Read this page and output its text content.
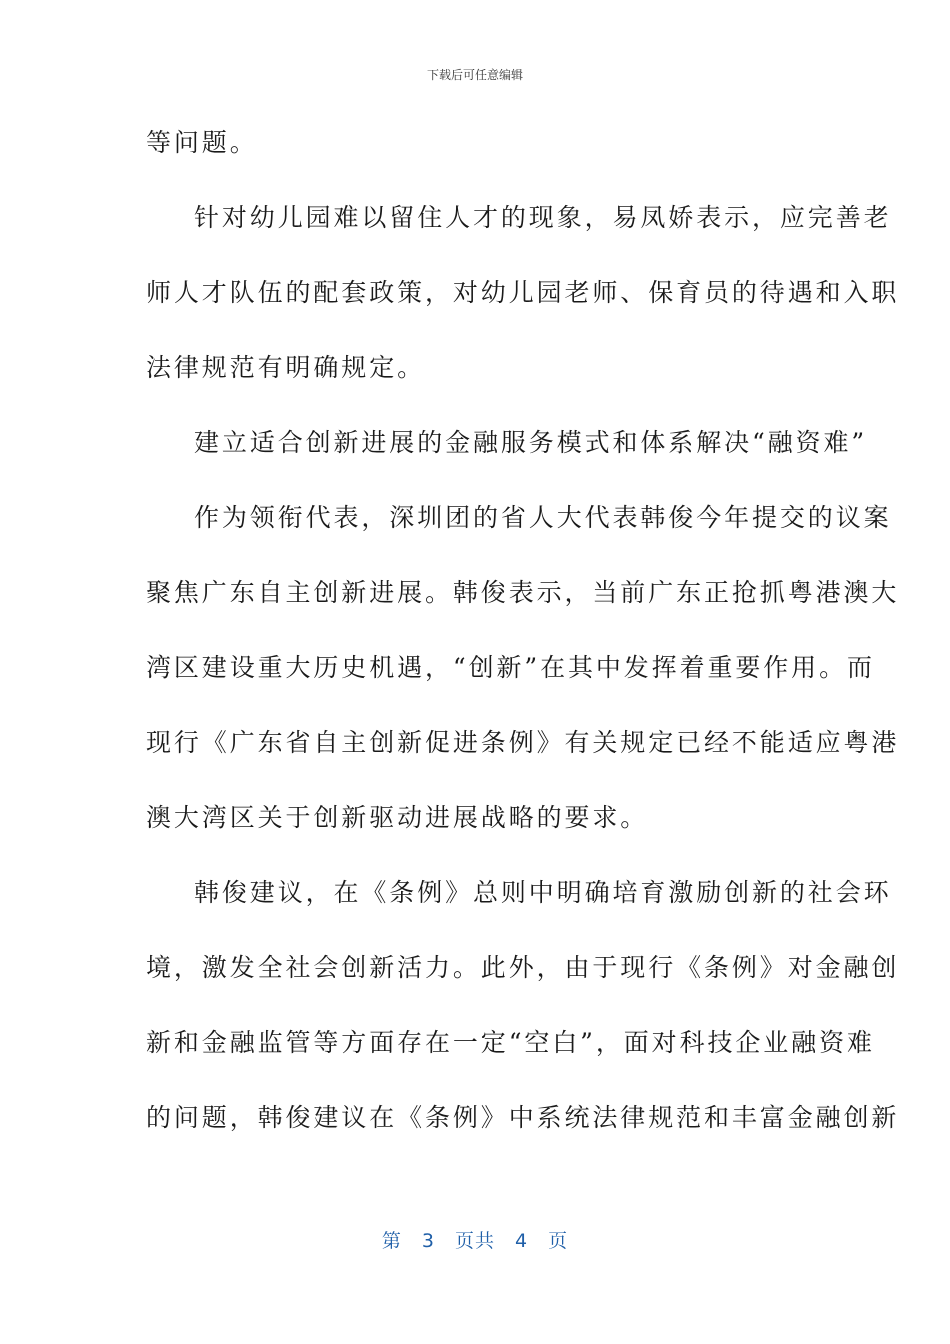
下载后可任意编辑
等问题。
针对幼儿园难以留住人才的现象，易凤娇表示，应完善老
师人才队伍的配套政策，对幼儿园老师、保育员的待遇和入职
法律规范有明确规定。
建立适合创新进展的金融服务模式和体系解决“融资难”
作为领衔代表，深圳团的省人大代表韩俊今年提交的议案
聚焦广东自主创新进展。韩俊表示，当前广东正抢抓粤港澳大
湾区建设重大历史机遇，“创新”在其中发挥着重要作用。而
现行《广东省自主创新促进条例》有关规定已经不能适应粤港
澳大湾区关于创新驱动进展战略的要求。
韩俊建议，在《条例》总则中明确培育激励创新的社会环
境，激发全社会创新活力。此外，由于现行《条例》对金融创
新和金融监管等方面存在一定“空白”，面对科技企业融资难
的问题，韩俊建议在《条例》中系统法律规范和丰富金融创新
第 3 页共 4 页
